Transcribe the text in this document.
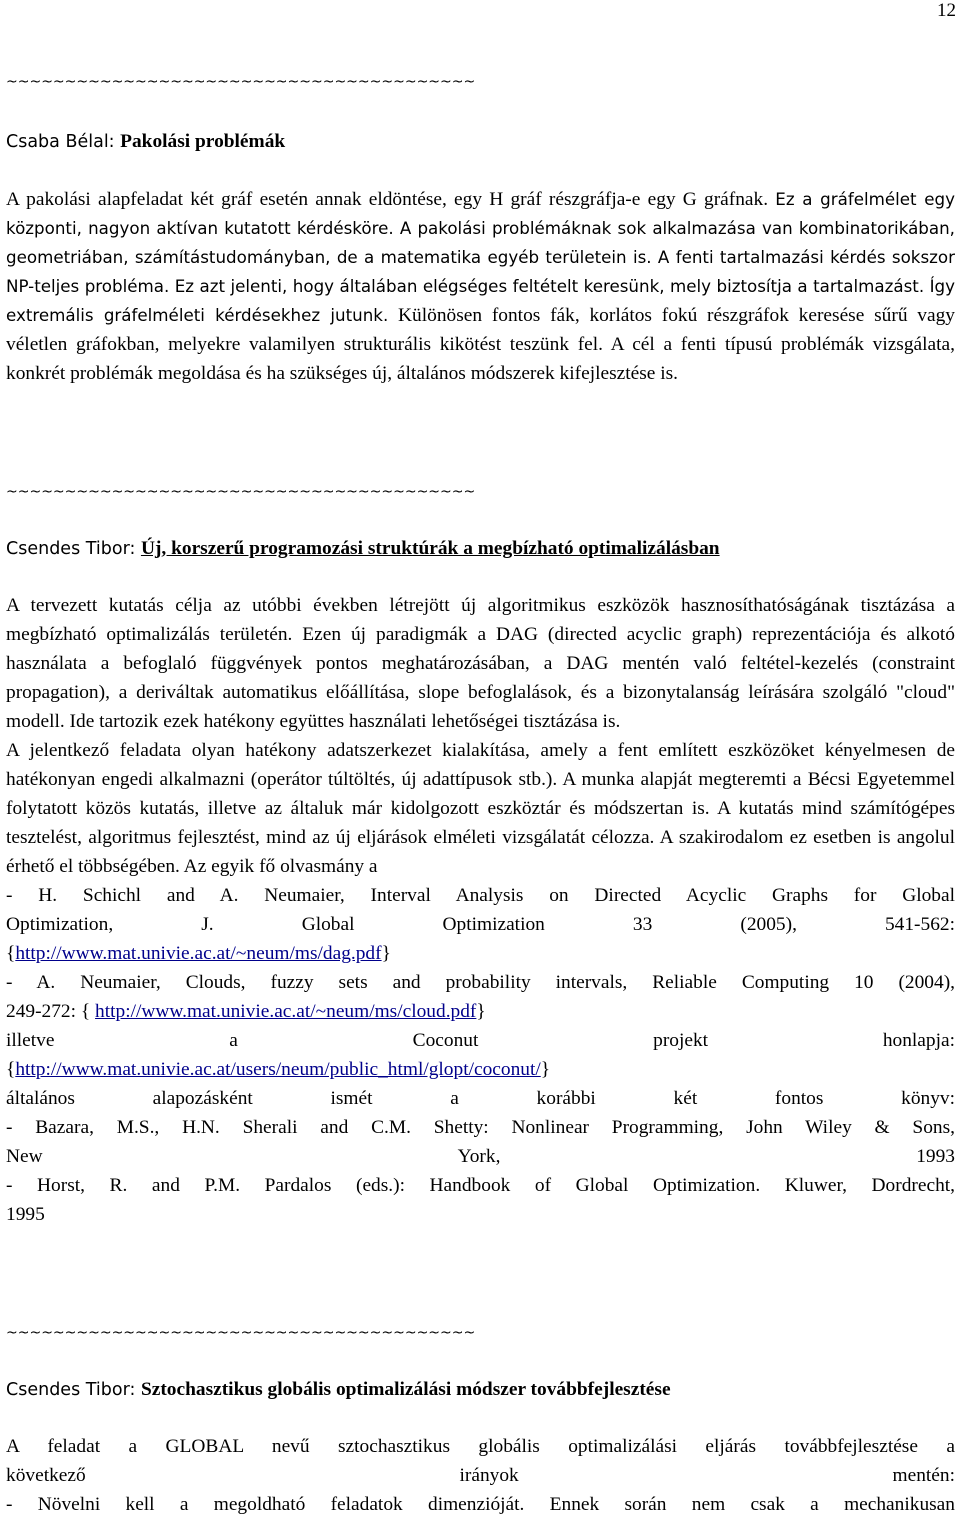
12
~~~~~~~~~~~~~~~~~~~~~~~~~~~~~~~~~~~~~~~~
Csaba Bélal: Pakolási problémák

A pakolási alapfeladat két gráf esetén annak eldöntése, egy H gráf részgráfja-e egy G gráfnak. Ez a gráfelmélet egy központi, nagyon aktívan kutatott kérdésköre. A pakolási problémáknak sok alkalmazása van kombinatorikában, geometriában, számítástudományban, de a matematika egyéb területein is. A fenti tartalmazási kérdés sokszor NP-teljes probléma. Ez azt jelenti, hogy általában elégséges feltételt keresünk, mely biztosítja a tartalmazást. Így extremális gráfelméleti kérdésekhez jutunk. Különösen fontos fák, korlátos fokú részgráfok keresése sűrű vagy véletlen gráfokban, melyekre valamilyen strukturális kikötést teszünk fel. A cél a fenti típusú problémák vizsgálata, konkrét problémák megoldása és ha szükséges új, általános módszerek kifejlesztése is.

~~~~~~~~~~~~~~~~~~~~~~~~~~~~~~~~~~~~~~~~
Csendes Tibor: Új, korszerű programozási struktúrák a megbízható optimalizálásban

A tervezett kutatás célja az utóbbi években létrejött új algoritmikus eszközök hasznosíthatóságának tisztázása a megbízható optimalizálás területén. Ezen új paradigmák a DAG (directed acyclic graph) reprezentációja és alkotó használata a befoglaló függvények pontos meghatározásában, a DAG mentén való feltétel-kezelés (constraint propagation), a deriváltak automatikus előállítása, slope befoglalások, és a bizonytalanság leírására szolgáló "cloud" modell. Ide tartozik ezek hatékony együttes használati lehetőségei tisztázása is.

A jelentkező feladata olyan hatékony adatszerkezet kialakítása, amely a fent említett eszközöket kényelmesen de hatékonyan engedi alkalmazni (operátor túltöltés, új adattípusok stb.). A munka alapját megteremti a Bécsi Egyetemmel folytatott közös kutatás, illetve az általuk már kidolgozott eszköztár és módszertan is. A kutatás mind számítógépes tesztelést, algoritmus fejlesztést, mind az új eljárások elméleti vizsgálatát célozza. A szakirodalom ez esetben is angolul érhető el többségében. Az egyik fő olvasmány a

- H. Schichl and A. Neumaier, Interval Analysis on Directed Acyclic Graphs for Global

Optimization, J. Global Optimization 33 (2005), 541-562:

{http://www.mat.univie.ac.at/~neum/ms/dag.pdf}

- A. Neumaier, Clouds, fuzzy sets and probability intervals, Reliable Computing 10 (2004),

249-272: { http://www.mat.univie.ac.at/~neum/ms/cloud.pdf}

illetve a Coconut projekt honlapja:

{http://www.mat.univie.ac.at/users/neum/public_html/glopt/coconut/}

általános alapozásként ismét a korábbi két fontos könyv:

- Bazara, M.S., H.N. Sherali and C.M. Shetty: Nonlinear Programming, John Wiley & Sons,

New York, 1993

- Horst, R. and P.M. Pardalos (eds.): Handbook of Global Optimization. Kluwer, Dordrecht,

1995

~~~~~~~~~~~~~~~~~~~~~~~~~~~~~~~~~~~~~~~~
Csendes Tibor: Sztochasztikus globális optimalizálási módszer továbbfejlesztése

A feladat a GLOBAL nevű sztochasztikus globális optimalizálási eljárás továbbfejlesztése a

következő irányok mentén:

- Növelni kell a megoldható feladatok dimenzióját. Ennek során nem csak a mechanikusan
